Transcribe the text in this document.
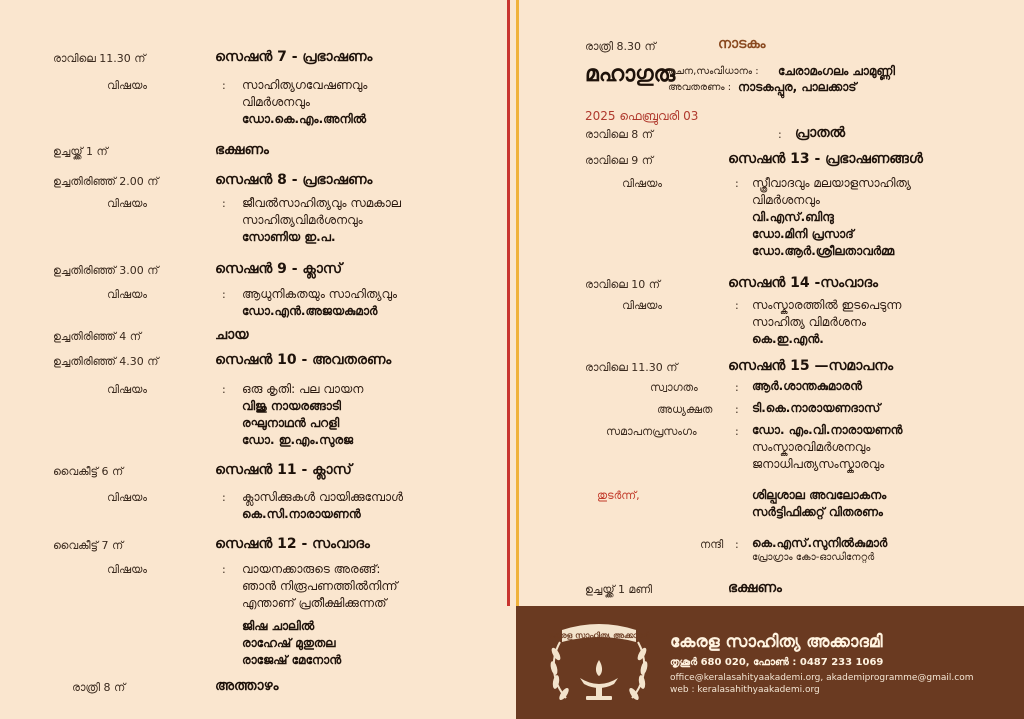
രാവിലെ 11.30 ന്	സെഷന്‍ 7 - പ്രഭാഷണം
വിഷയം	: സാഹിത്യഗവേഷണവും
വിമര്‍ശനവും
ഡോ.കെ.എം.അനില്‍
ഉച്ചയ്ക്ക് 1 ന്	ഭക്ഷണം
ഉച്ചതിരിഞ്ഞ് 2.00 ന്	സെഷന്‍ 8 - പ്രഭാഷണം
വിഷയം	: ജീവല്‍സാഹിത്യവും സമകാല
സാഹിത്യവിമര്‍ശനവും
സോണിയ ഇ.പ.
ഉച്ചതിരിഞ്ഞ് 3.00 ന്	സെഷന്‍ 9 - ക്ലാസ്
വിഷയം	: ആധുനികതയും സാഹിത്യവും
ഡോ.എന്‍.അജയകുമാര്‍
ഉച്ചതിരിഞ്ഞ് 4 ന്	ചായ
ഉച്ചതിരിഞ്ഞ് 4.30 ന്	സെഷന്‍ 10 - അവതരണം
വിഷയം	: ഒരു കൃതി: പല വായന
വിജു നായരങ്ങാടി
രഘുനാഥന്‍ പറളി
ഡോ. ഇ.എം.സുരജ
വൈകീട്ട് 6 ന്	സെഷന്‍ 11 - ക്ലാസ്
വിഷയം	: ക്ലാസിക്കുകള്‍ വായിക്കുമ്പോള്‍
കെ.സി.നാരായണന്‍
വൈകീട്ട് 7 ന്	സെഷന്‍ 12 - സംവാദം
വിഷയം	: വായനക്കാരുടെ അരങ്ങ്:
ഞാന്‍ നിരൂപണത്തില്‍നിന്ന്
എന്താണ് പ്രതീക്ഷിക്കുന്നത്
ജിഷ ചാലില്‍
രാഹേഷ് മുതുതല
രാജേഷ് മേനോന്‍
രാത്രി 8 ന്	അത്താഴം
രാത്രി 8.30 ന്	നാടകം
മഹാഗുരു
രചന,സംവിധാനം : ചേരാമംഗലം ചാമുണ്ണി
അവതരണം : നാടകപ്പുര, പാലക്കാട്
2025 ഫെബ്രുവരി 03
രാവിലെ 8 ന്	: പ്രാതല്‍
രാവിലെ 9 ന്	സെഷന്‍ 13 - പ്രഭാഷണങ്ങള്‍
വിഷയം	: സ്ത്രീവാദവും മലയാളസാഹിത്യ
വിമര്‍ശനവും
വി.എസ്.ബിന്ദു
ഡോ.മിനി പ്രസാദ്
ഡോ.ആര്‍.ശ്രീലതാവര്‍മ്മ
രാവിലെ 10 ന്	സെഷന്‍ 14 -സംവാദം
വിഷയം	: സംസ്കാരത്തില്‍ ഇടപെടുന്ന
സാഹിത്യ വിമര്‍ശനം
കെ.ഇ.എന്‍.
രാവിലെ 11.30 ന്	സെഷന്‍ 15 —സമാപനം
സ്വാഗതം	: ആര്‍.ശാന്തകുമാരന്‍
അധ്യക്ഷത : ടി.കെ.നാരായണദാസ്
സമാപനപ്രസംഗം	: ഡോ. എം.വി.നാരായണന്‍
സംസ്കാരവിമര്‍ശനവും
ജനാധിപത്യസംസ്കാരവും
തുടര്‍ന്ന്,	ശില്പശാല അവലോകനം
സര്‍ട്ടിഫിക്കറ്റ് വിതരണം
നന്ദി : കെ.എസ്.സുനില്‍കുമാര്‍
പ്രോഗ്രാം കോ-ഓഡിനേറ്റര്‍
ഉച്ചയ്ക്ക് 1 മണി	ഭക്ഷണം
കേരള സാഹിത്യ അക്കാദമി കേരള സാഹിത്യ അക്കാദമി
തൃശൂര്‍ 680 020, ഫോണ്‍ : 0487 233 1069
office@keralasahityaakademi.org, akademiprogramme@gmail.com
web : keralasahithyaakademi.org
